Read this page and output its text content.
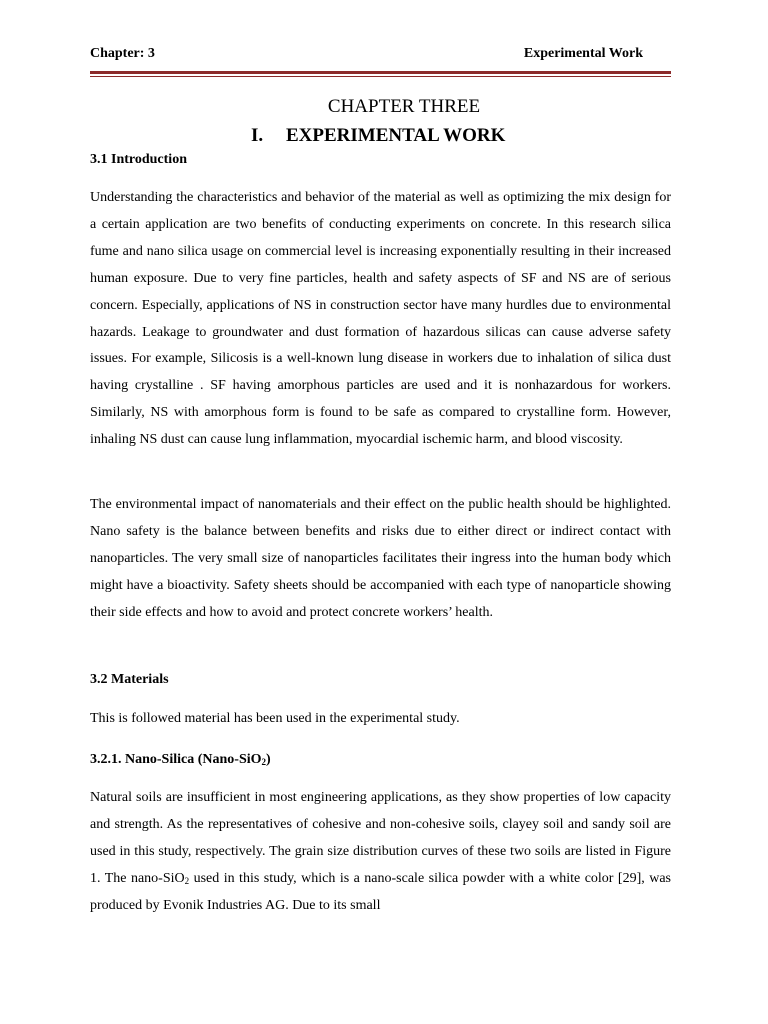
Chapter: 3	Experimental Work
CHAPTER THREE
I. EXPERIMENTAL WORK
3.1 Introduction
Understanding the characteristics and behavior of the material as well as optimizing the mix design for a certain application are two benefits of conducting experiments on concrete. In this research silica fume and nano silica usage on commercial level is increasing exponentially resulting in their increased human exposure. Due to very fine particles, health and safety aspects of SF and NS are of serious concern. Especially, applications of NS in construction sector have many hurdles due to environmental hazards. Leakage to groundwater and dust formation of hazardous silicas can cause adverse safety issues. For example, Silicosis is a well-known lung disease in workers due to inhalation of silica dust having crystalline . SF having amorphous particles are used and it is nonhazardous for workers. Similarly, NS with amorphous form is found to be safe as compared to crystalline form. However, inhaling NS dust can cause lung inflammation, myocardial ischemic harm, and blood viscosity.
The environmental impact of nanomaterials and their effect on the public health should be highlighted. Nano safety is the balance between benefits and risks due to either direct or indirect contact with nanoparticles. The very small size of nanoparticles facilitates their ingress into the human body which might have a bioactivity. Safety sheets should be accompanied with each type of nanoparticle showing their side effects and how to avoid and protect concrete workers’ health.
3.2 Materials
This is followed material has been used in the experimental study.
3.2.1. Nano-Silica (Nano-SiO$_2$)
Natural soils are insufficient in most engineering applications, as they show properties of low capacity and strength. As the representatives of cohesive and non-cohesive soils, clayey soil and sandy soil are used in this study, respectively. The grain size distribution curves of these two soils are listed in Figure 1. The nano-SiO$_2$ used in this study, which is a nano-scale silica powder with a white color [29], was produced by Evonik Industries AG. Due to its small
